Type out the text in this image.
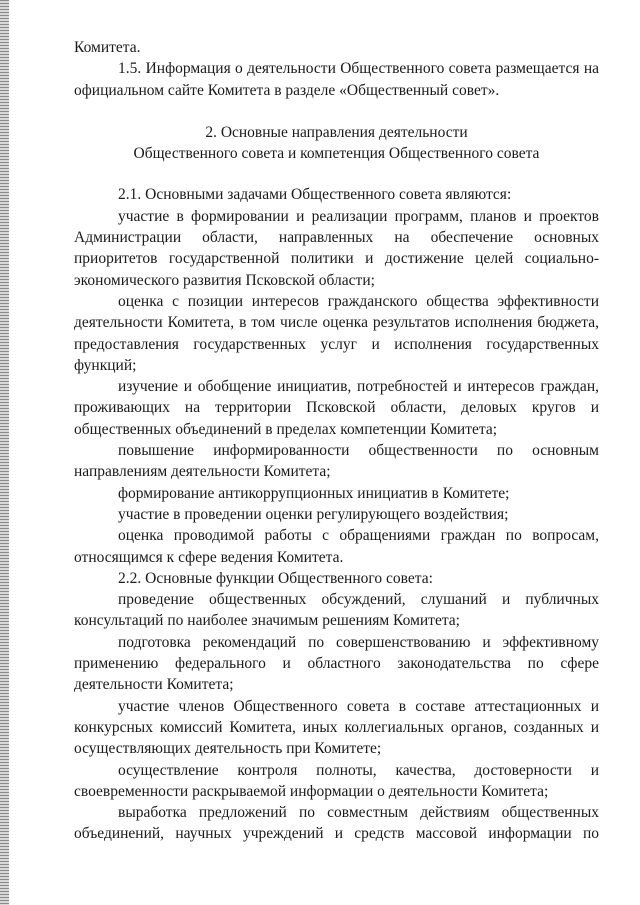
Комитета.

1.5. Информация о деятельности Общественного совета размещается на официальном сайте Комитета в разделе «Общественный совет».

2. Основные направления деятельности

Общественного совета и компетенция Общественного совета

2.1. Основными задачами Общественного совета являются:

участие в формировании и реализации программ, планов и проектов Администрации области, направленных на обеспечение основных приоритетов государственной политики и достижение целей социально-экономического развития Псковской области;

оценка с позиции интересов гражданского общества эффективности деятельности Комитета, в том числе оценка результатов исполнения бюджета, предоставления государственных услуг и исполнения государственных функций;

изучение и обобщение инициатив, потребностей и интересов граждан, проживающих на территории Псковской области, деловых кругов и общественных объединений в пределах компетенции Комитета;

повышение информированности общественности по основным направлениям деятельности Комитета;

формирование антикоррупционных инициатив в Комитете;

участие в проведении оценки регулирующего воздействия;

оценка проводимой работы с обращениями граждан по вопросам, относящимся к сфере ведения Комитета.

2.2. Основные функции Общественного совета:

проведение общественных обсуждений, слушаний и публичных консультаций по наиболее значимым решениям Комитета;

подготовка рекомендаций по совершенствованию и эффективному применению федерального и областного законодательства по сфере деятельности Комитета;

участие членов Общественного совета в составе аттестационных и конкурсных комиссий Комитета, иных коллегиальных органов, созданных и осуществляющих деятельность при Комитете;

осуществление контроля полноты, качества, достоверности и своевременности раскрываемой информации о деятельности Комитета;

выработка предложений по совместным действиям общественных объединений, научных учреждений и средств массовой информации по
